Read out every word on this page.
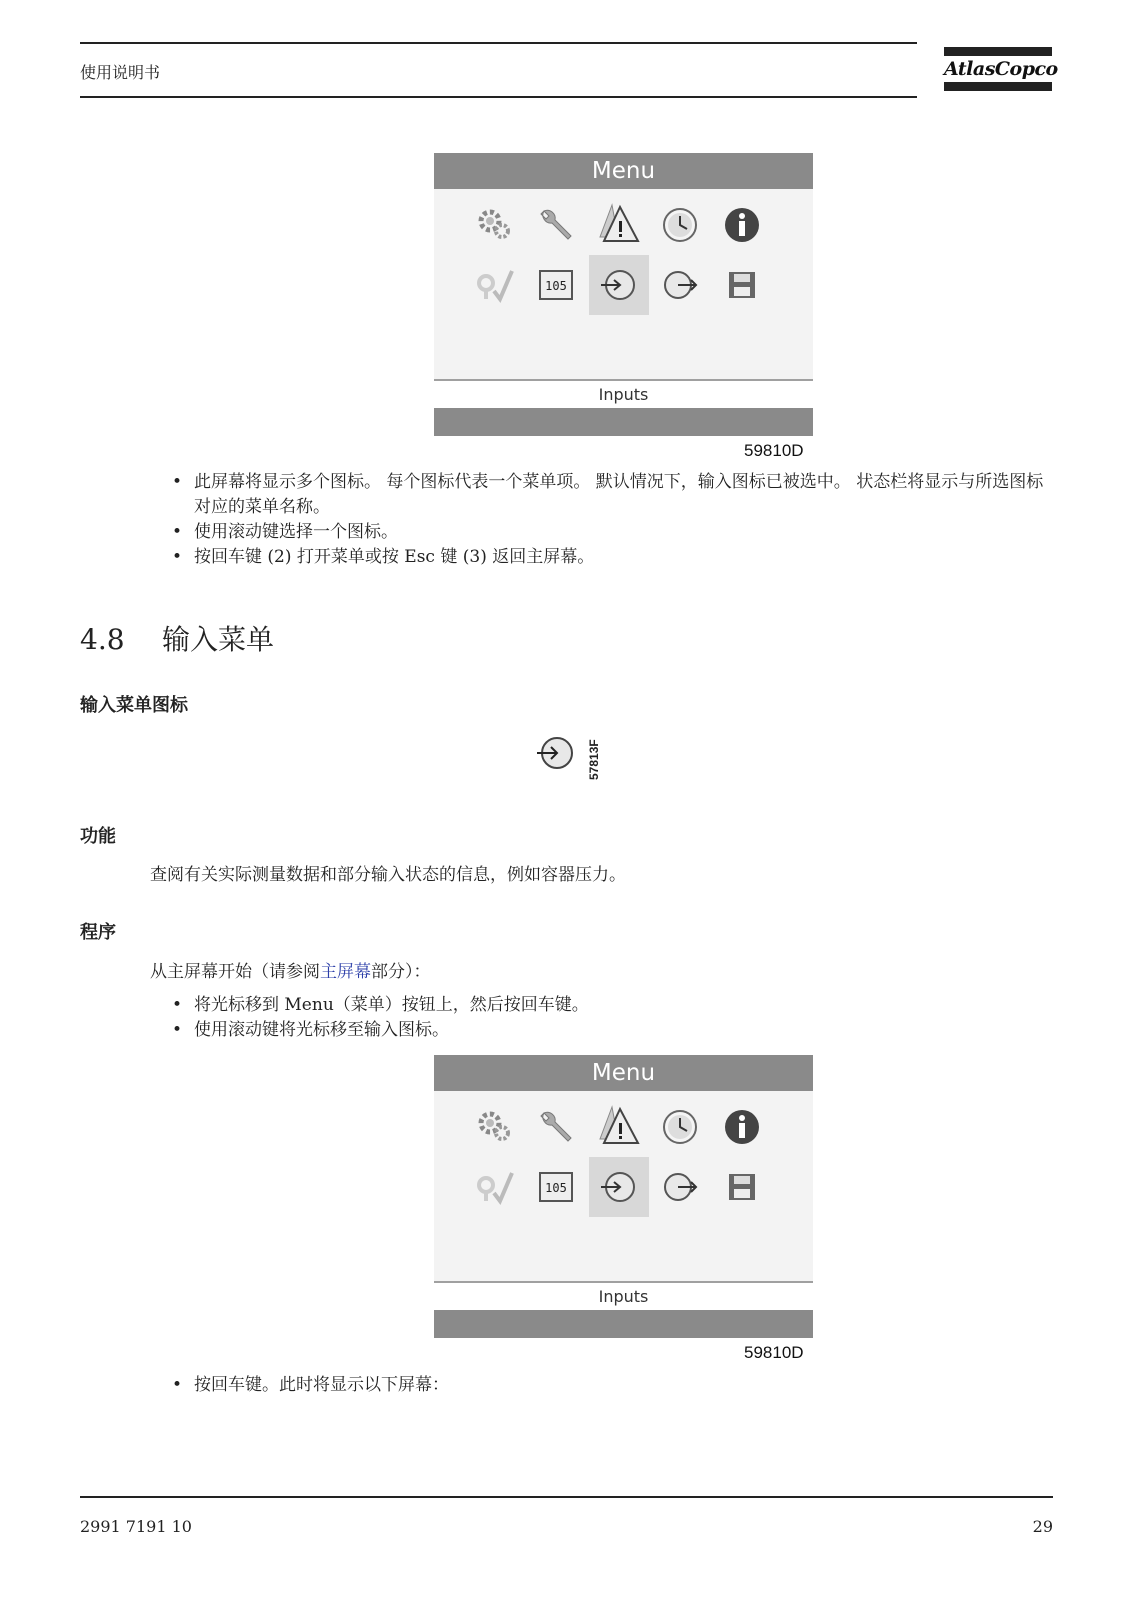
使用说明书	AtlasCopco
Menu
105
Inputs
59810D
• 此屏幕将显示多个图标。 每个图标代表一个菜单项。 默认情况下，输入图标已被选中。 状态栏将显示与所选图标对应的菜单名称。
• 使用滚动键选择一个图标。
• 按回车键 (2) 打开菜单或按 Esc 键 (3) 返回主屏幕。
4.8 输入菜单
输入菜单图标
57813F
功能
查阅有关实际测量数据和部分输入状态的信息，例如容器压力。
程序
从主屏幕开始（请参阅主屏幕部分）：
• 将光标移到 Menu（菜单）按钮上，然后按回车键。
• 使用滚动键将光标移至输入图标。
Menu
105
Inputs
59810D
• 按回车键。此时将显示以下屏幕：
2991 7191 10	29
